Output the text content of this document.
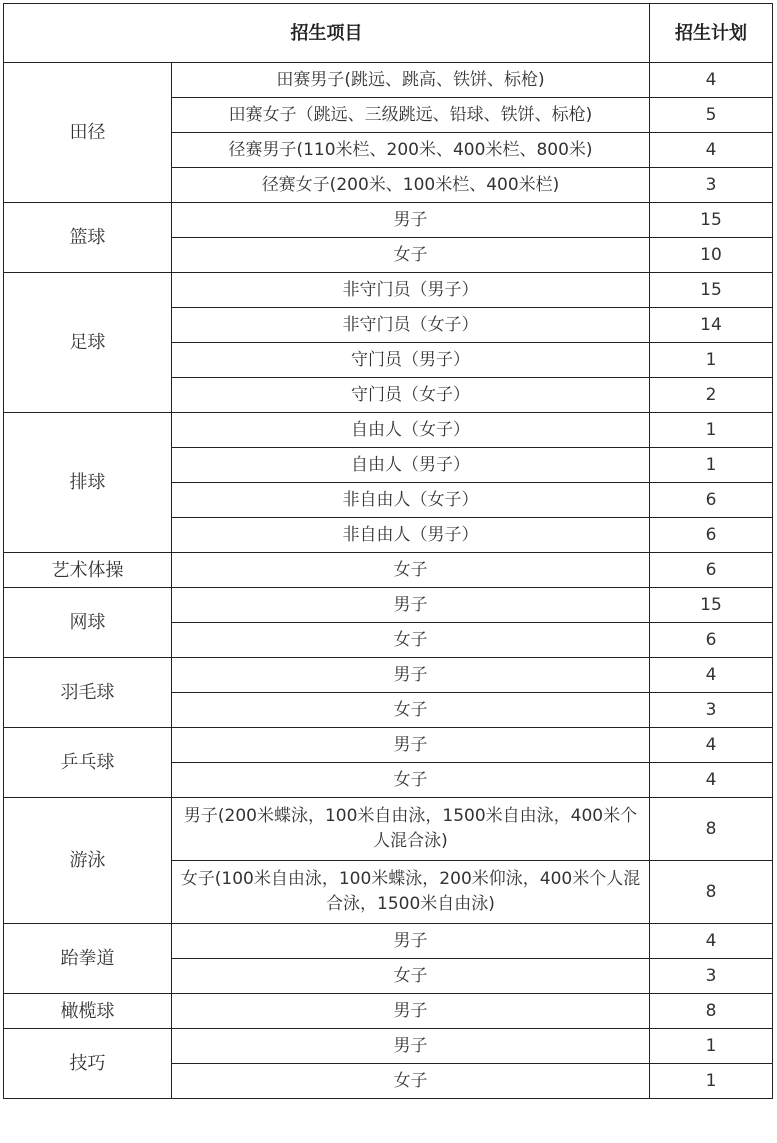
招生项目		招生计划
田径	田赛男子(跳远、跳高、铁饼、标枪)	4
	田赛女子（跳远、三级跳远、铅球、铁饼、标枪)	5
	径赛男子(110米栏、200米、400米栏、800米)	4
	径赛女子(200米、100米栏、400米栏)	3
篮球	男子	15
	女子	10
足球	非守门员（男子）	15
	非守门员（女子）	14
	守门员（男子）	1
	守门员（女子）	2
排球	自由人（女子）	1
	自由人（男子）	1
	非自由人（女子）	6
	非自由人（男子）	6
艺术体操	女子	6
网球	男子	15
	女子	6
羽毛球	男子	4
	女子	3
乒乓球	男子	4
	女子	4
游泳	男子(200米蝶泳，100米自由泳，1500米自由泳，400米个人混合泳)	8
	女子(100米自由泳，100米蝶泳，200米仰泳，400米个人混合泳，1500米自由泳)	8
跆拳道	男子	4
	女子	3
橄榄球	男子	8
技巧	男子	1
	女子	1
